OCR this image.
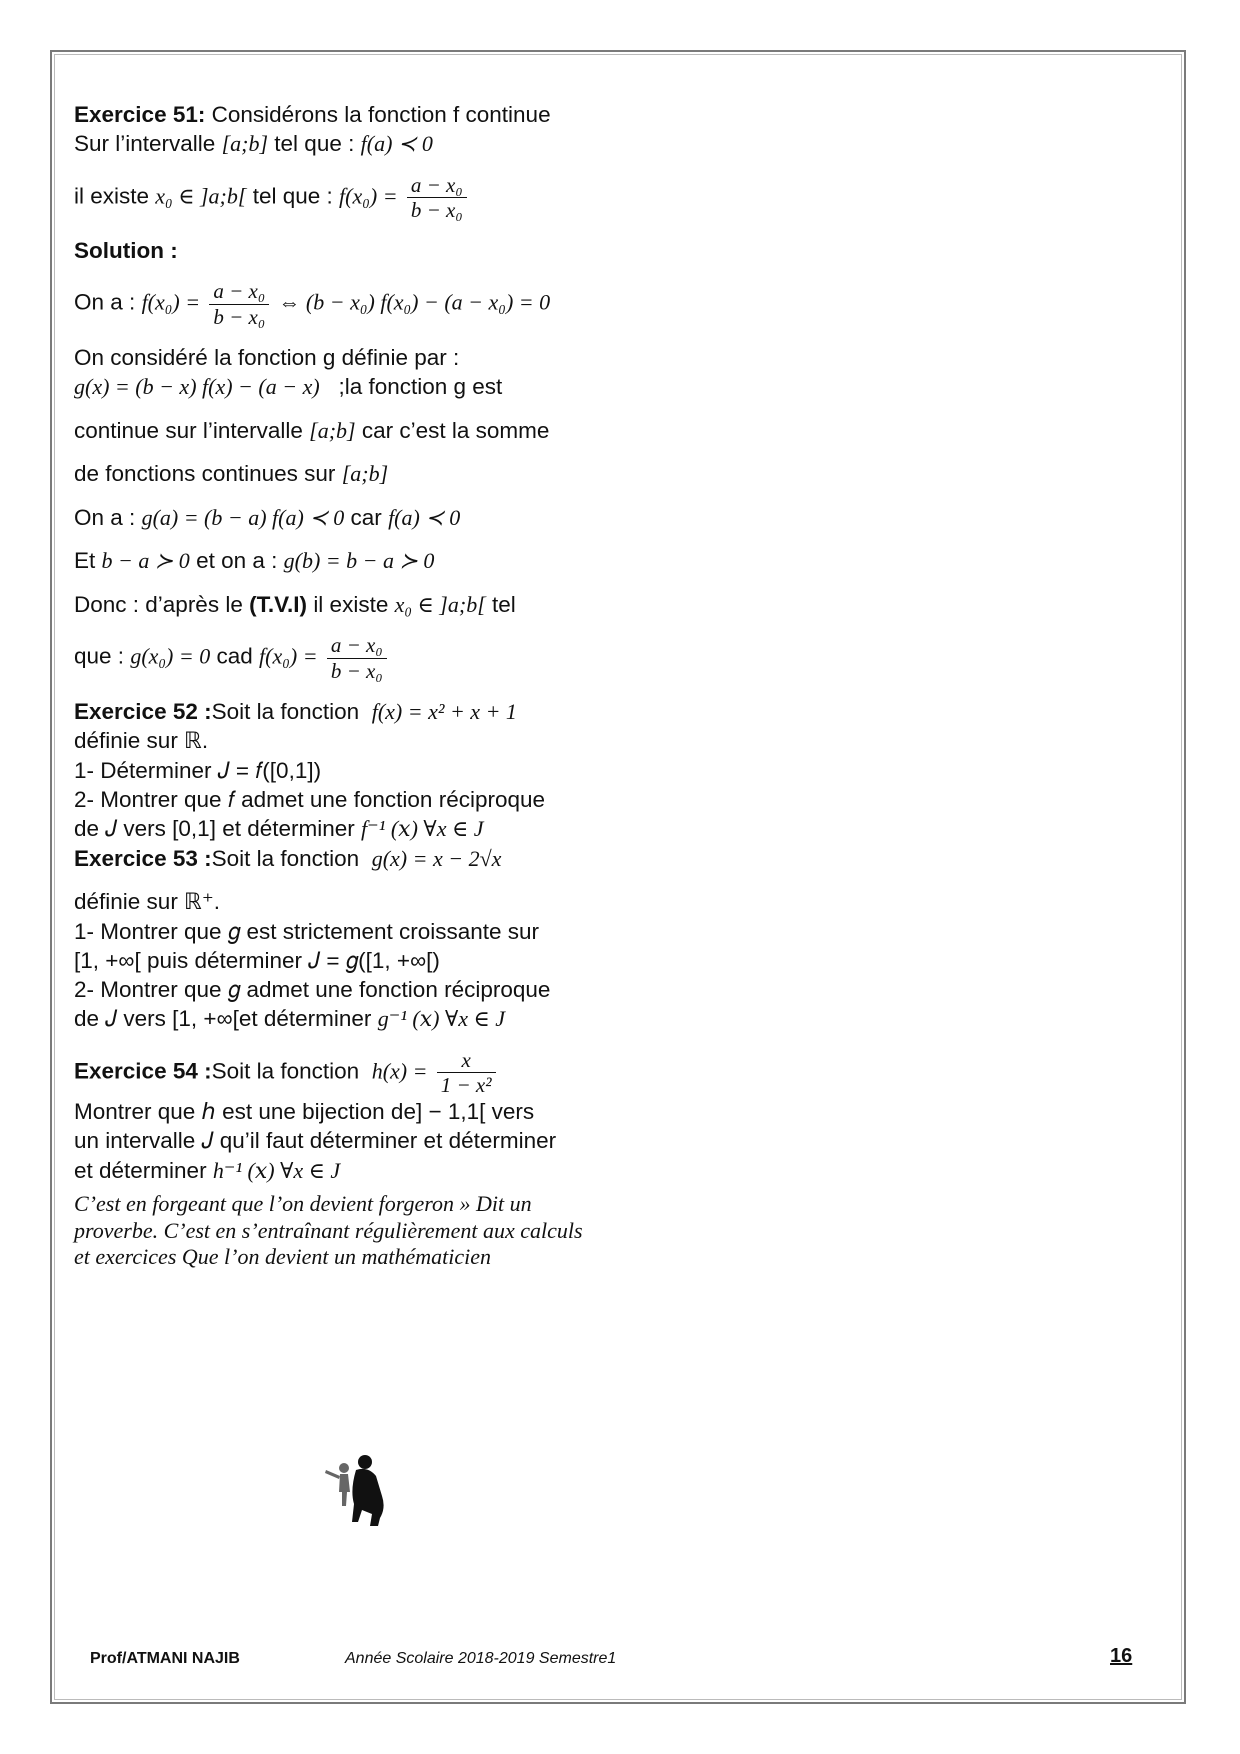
Exercice 51: Considérons la fonction f continue

Sur l’intervalle [a;b] tel que : f(a) ≺ 0

il existe x₀ ∈ ]a;b[ tel que : $f(x_0) = \frac{\text{a − x₀}}{\text{b − x₀}}$

Solution :

On a : $f(x_0) = \frac{\text{a − x₀}}{\text{b − x₀}}$ ⇔ (b − x₀) f(x₀) − (a − x₀) = 0

On considéré la fonction g définie par :

g(x) = (b − x) f(x) − (a − x) ;la fonction g est

continue sur l’intervalle [a;b] car c’est la somme

de fonctions continues sur [a;b]

On a : g(a) = (b − a) f(a) ≺ 0 car f(a) ≺ 0

Et b − a ≻ 0 et on a : g(b) = b − a ≻ 0

Donc : d’après le (T.V.I) il existe x₀ ∈ ]a;b[ tel

que : g(x₀) = 0 cad $f(x_0) = \frac{\text{a − x₀}}{\text{b − x₀}}$

Exercice 52 :Soit la fonction f(x) = x² + x + 1

définie sur ℝ.

1- Déterminer 𝐽 = 𝑓([0,1])

2- Montrer que 𝑓 admet une fonction réciproque

de 𝐽 vers [0,1] et déterminer f⁻¹ (𝑥) ∀x ∈ J

Exercice 53 :Soit la fonction g(x) = x − 2√x

définie sur ℝ⁺.

1- Montrer que 𝑔 est strictement croissante sur

[1, +∞[ puis déterminer 𝐽 = 𝑔([1, +∞[)

2- Montrer que 𝑔 admet une fonction réciproque

de 𝐽 vers [1, +∞[et déterminer g⁻¹ (𝑥) ∀x ∈ J

Exercice 54 :Soit la fonction $h(x) = \frac{x}{\text{1 − x²}}$

Montrer que ℎ est une bijection de] − 1,1[ vers

un intervalle 𝐽 qu’il faut déterminer et déterminer

et déterminer h⁻¹ (𝑥) ∀x ∈ J

C’est en forgeant que l’on devient forgeron » Dit un proverbe. C’est en s’entraînant régulièrement aux calculs et exercices Que l’on devient un mathématicien

Prof/ATMANI NAJIB	Année Scolaire 2018-2019 Semestre1	16
